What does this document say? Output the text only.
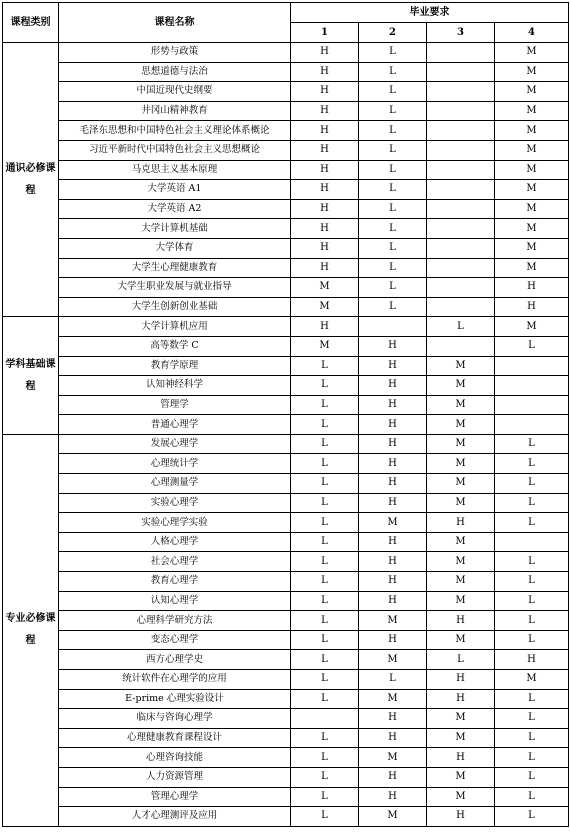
课程类别	课程名称	毕业要求			
		1	2	3	4
通识必修课程	形势与政策	H	L		M
	思想道德与法治	H	L		M
	中国近现代史纲要	H	L		M
	井冈山精神教育	H	L		M
	毛泽东思想和中国特色社会主义理论体系概论	H	L		M
	习近平新时代中国特色社会主义思想概论	H	L		M
	马克思主义基本原理	H	L		M
	大学英语 A1	H	L		M
	大学英语 A2	H	L		M
	大学计算机基础	H	L		M
	大学体育	H	L		M
	大学生心理健康教育	H	L		M
	大学生职业发展与就业指导	M	L		H
	大学生创新创业基础	M	L		H
学科基础课程	大学计算机应用	H		L	M
	高等数学 C	M	H		L
	教育学原理	L	H	M	
	认知神经科学	L	H	M	
	管理学	L	H	M	
	普通心理学	L	H	M	
专业必修课程	发展心理学	L	H	M	L
	心理统计学	L	H	M	L
	心理测量学	L	H	M	L
	实验心理学	L	H	M	L
	实验心理学实验	L	M	H	L
	人格心理学	L	H	M	
	社会心理学	L	H	M	L
	教育心理学	L	H	M	L
	认知心理学	L	H	M	L
	心理科学研究方法	L	M	H	L
	变态心理学	L	H	M	L
	西方心理学史	L	M	L	H
	统计软件在心理学的应用	L	L	H	M
	E-prime 心理实验设计	L	M	H	L
	临床与咨询心理学		H	M	L
	心理健康教育课程设计	L	H	M	L
	心理咨询技能	L	M	H	L
	人力资源管理	L	H	M	L
	管理心理学	L	H	M	L
	人才心理测评及应用	L	M	H	L
